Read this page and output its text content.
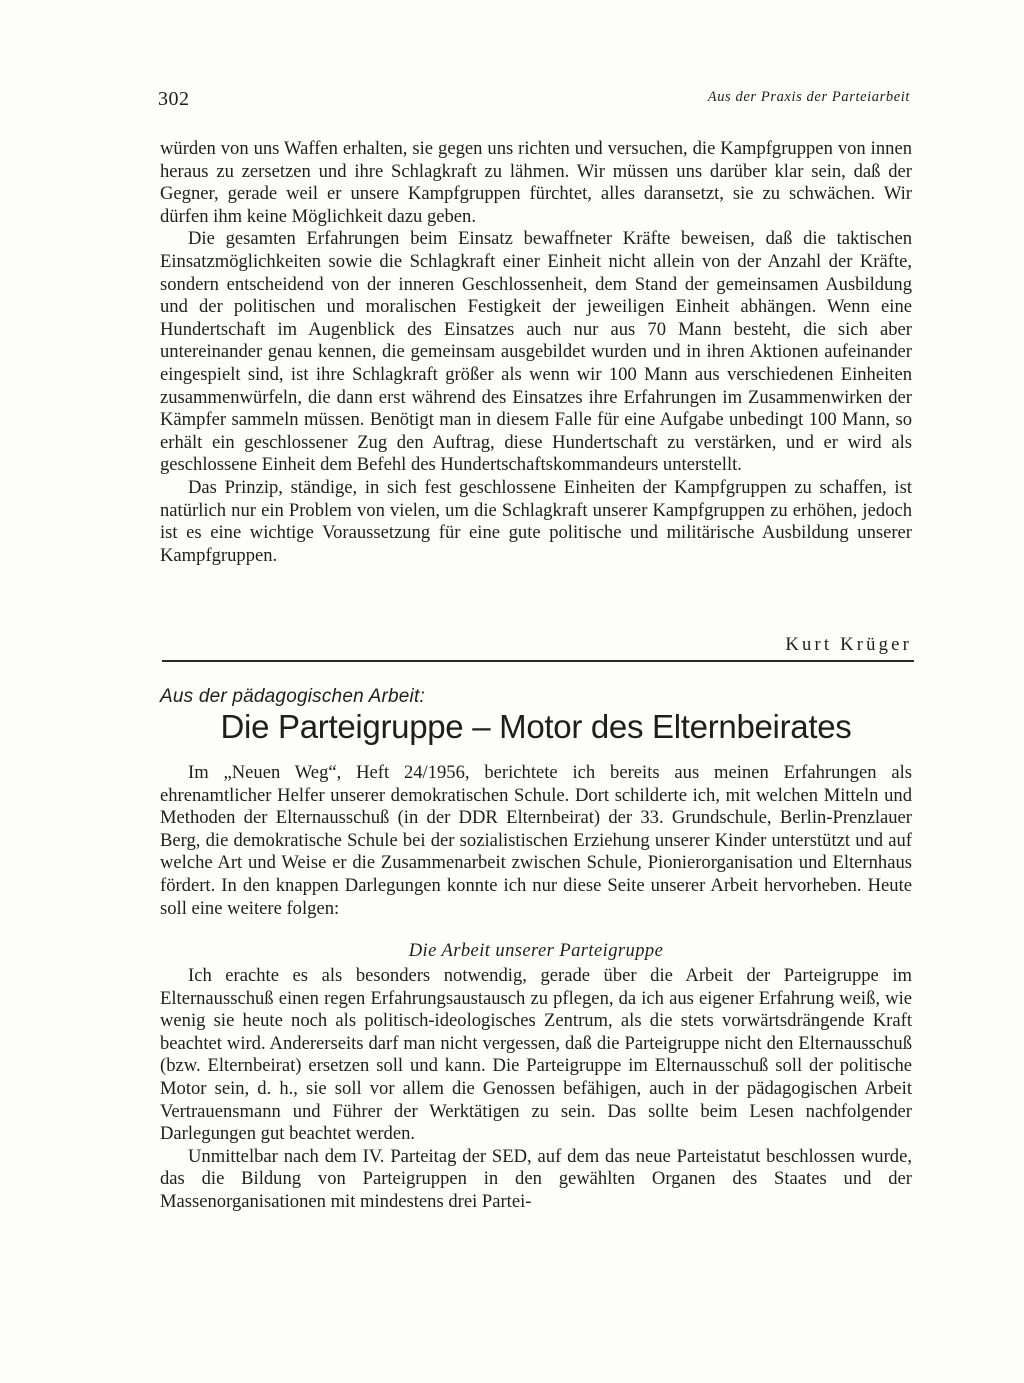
302	Aus der Praxis der Parteiarbeit

würden von uns Waffen erhalten, sie gegen uns richten und versuchen, die Kampfgruppen von innen heraus zu zersetzen und ihre Schlagkraft zu lähmen. Wir müssen uns darüber klar sein, daß der Gegner, gerade weil er unsere Kampfgruppen fürchtet, alles daransetzt, sie zu schwächen. Wir dürfen ihm keine Möglichkeit dazu geben.

Die gesamten Erfahrungen beim Einsatz bewaffneter Kräfte beweisen, daß die taktischen Einsatzmöglichkeiten sowie die Schlagkraft einer Einheit nicht allein von der Anzahl der Kräfte, sondern entscheidend von der inneren Geschlossenheit, dem Stand der gemeinsamen Ausbildung und der politischen und moralischen Festigkeit der jeweiligen Einheit abhängen. Wenn eine Hundertschaft im Augenblick des Einsatzes auch nur aus 70 Mann besteht, die sich aber untereinander genau kennen, die gemeinsam ausgebildet wurden und in ihren Aktionen aufeinander eingespielt sind, ist ihre Schlagkraft größer als wenn wir 100 Mann aus verschiedenen Einheiten zusammenwürfeln, die dann erst während des Einsatzes ihre Erfahrungen im Zusammenwirken der Kämpfer sammeln müssen. Benötigt man in diesem Falle für eine Aufgabe unbedingt 100 Mann, so erhält ein geschlossener Zug den Auftrag, diese Hundertschaft zu verstärken, und er wird als geschlossene Einheit dem Befehl des Hundertschaftskommandeurs unterstellt.

Das Prinzip, ständige, in sich fest geschlossene Einheiten der Kampfgruppen zu schaffen, ist natürlich nur ein Problem von vielen, um die Schlagkraft unserer Kampfgruppen zu erhöhen, jedoch ist es eine wichtige Voraussetzung für eine gute politische und militärische Ausbildung unserer Kampfgruppen.

Kurt Krüger
Aus der pädagogischen Arbeit:
Die Parteigruppe – Motor des Elternbeirates

Im „Neuen Weg“, Heft 24/1956, berichtete ich bereits aus meinen Erfahrungen als ehrenamtlicher Helfer unserer demokratischen Schule. Dort schilderte ich, mit welchen Mitteln und Methoden der Elternausschuß (in der DDR Elternbeirat) der 33. Grundschule, Berlin-Prenzlauer Berg, die demokratische Schule bei der sozialistischen Erziehung unserer Kinder unterstützt und auf welche Art und Weise er die Zusammenarbeit zwischen Schule, Pionierorganisation und Elternhaus fördert. In den knappen Darlegungen konnte ich nur diese Seite unserer Arbeit hervorheben. Heute soll eine weitere folgen:

Die Arbeit unserer Parteigruppe

Ich erachte es als besonders notwendig, gerade über die Arbeit der Parteigruppe im Elternausschuß einen regen Erfahrungsaustausch zu pflegen, da ich aus eigener Erfahrung weiß, wie wenig sie heute noch als politisch-ideologisches Zentrum, als die stets vorwärtsdrängende Kraft beachtet wird. Andererseits darf man nicht vergessen, daß die Parteigruppe nicht den Elternausschuß (bzw. Elternbeirat) ersetzen soll und kann. Die Parteigruppe im Elternausschuß soll der politische Motor sein, d. h., sie soll vor allem die Genossen befähigen, auch in der pädagogischen Arbeit Vertrauensmann und Führer der Werktätigen zu sein. Das sollte beim Lesen nachfolgender Darlegungen gut beachtet werden.

Unmittelbar nach dem IV. Parteitag der SED, auf dem das neue Parteistatut beschlossen wurde, das die Bildung von Parteigruppen in den gewählten Organen des Staates und der Massenorganisationen mit mindestens drei Partei-
